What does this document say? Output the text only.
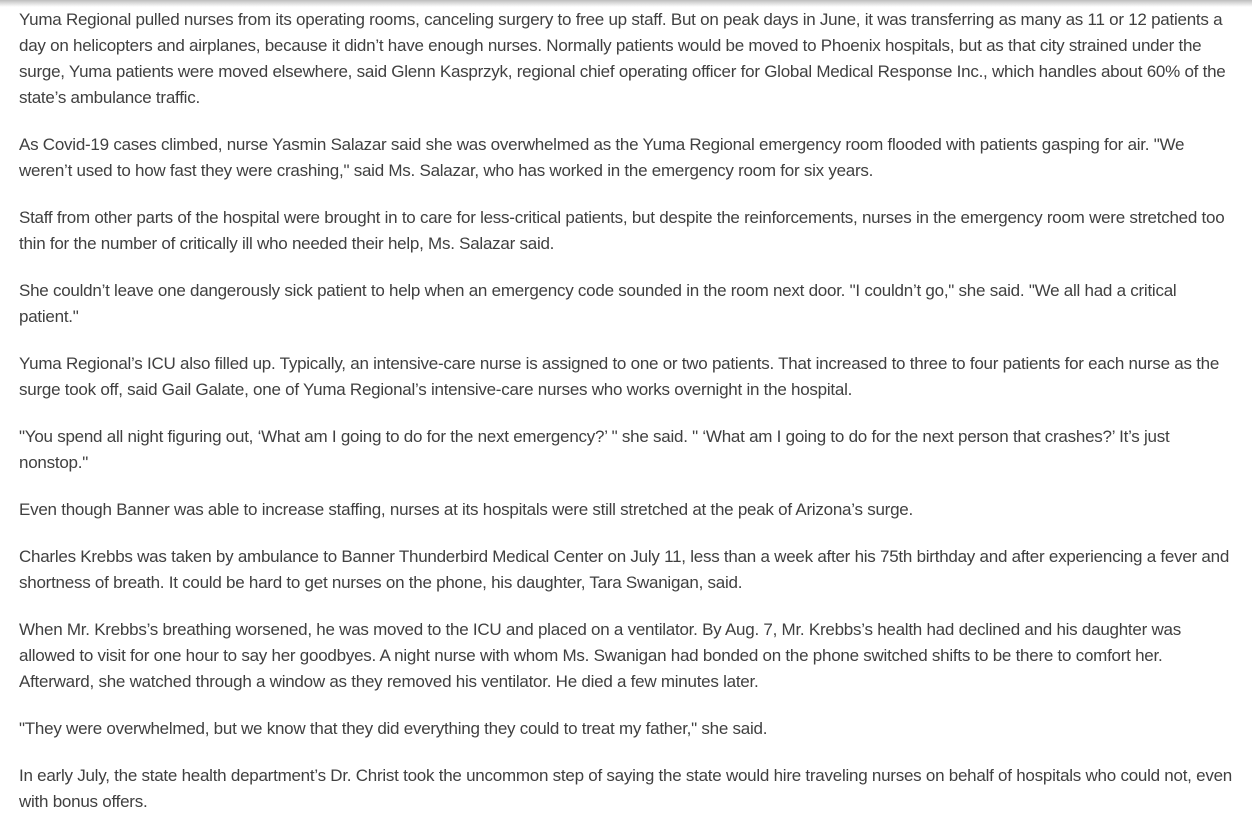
Yuma Regional pulled nurses from its operating rooms, canceling surgery to free up staff. But on peak days in June, it was transferring as many as 11 or 12 patients a day on helicopters and airplanes, because it didn’t have enough nurses. Normally patients would be moved to Phoenix hospitals, but as that city strained under the surge, Yuma patients were moved elsewhere, said Glenn Kasprzyk, regional chief operating officer for Global Medical Response Inc., which handles about 60% of the state’s ambulance traffic.

As Covid-19 cases climbed, nurse Yasmin Salazar said she was overwhelmed as the Yuma Regional emergency room flooded with patients gasping for air. "We weren’t used to how fast they were crashing," said Ms. Salazar, who has worked in the emergency room for six years.

Staff from other parts of the hospital were brought in to care for less-critical patients, but despite the reinforcements, nurses in the emergency room were stretched too thin for the number of critically ill who needed their help, Ms. Salazar said.

She couldn’t leave one dangerously sick patient to help when an emergency code sounded in the room next door. "I couldn’t go," she said. "We all had a critical patient."

Yuma Regional’s ICU also filled up. Typically, an intensive-care nurse is assigned to one or two patients. That increased to three to four patients for each nurse as the surge took off, said Gail Galate, one of Yuma Regional’s intensive-care nurses who works overnight in the hospital.

"You spend all night figuring out, ‘What am I going to do for the next emergency?’ " she said. " ‘What am I going to do for the next person that crashes?’ It’s just nonstop."

Even though Banner was able to increase staffing, nurses at its hospitals were still stretched at the peak of Arizona’s surge.

Charles Krebbs was taken by ambulance to Banner Thunderbird Medical Center on July 11, less than a week after his 75th birthday and after experiencing a fever and shortness of breath. It could be hard to get nurses on the phone, his daughter, Tara Swanigan, said.

When Mr. Krebbs’s breathing worsened, he was moved to the ICU and placed on a ventilator. By Aug. 7, Mr. Krebbs’s health had declined and his daughter was allowed to visit for one hour to say her goodbyes. A night nurse with whom Ms. Swanigan had bonded on the phone switched shifts to be there to comfort her. Afterward, she watched through a window as they removed his ventilator. He died a few minutes later.

"They were overwhelmed, but we know that they did everything they could to treat my father," she said.

In early July, the state health department’s Dr. Christ took the uncommon step of saying the state would hire traveling nurses on behalf of hospitals who could not, even with bonus offers.
